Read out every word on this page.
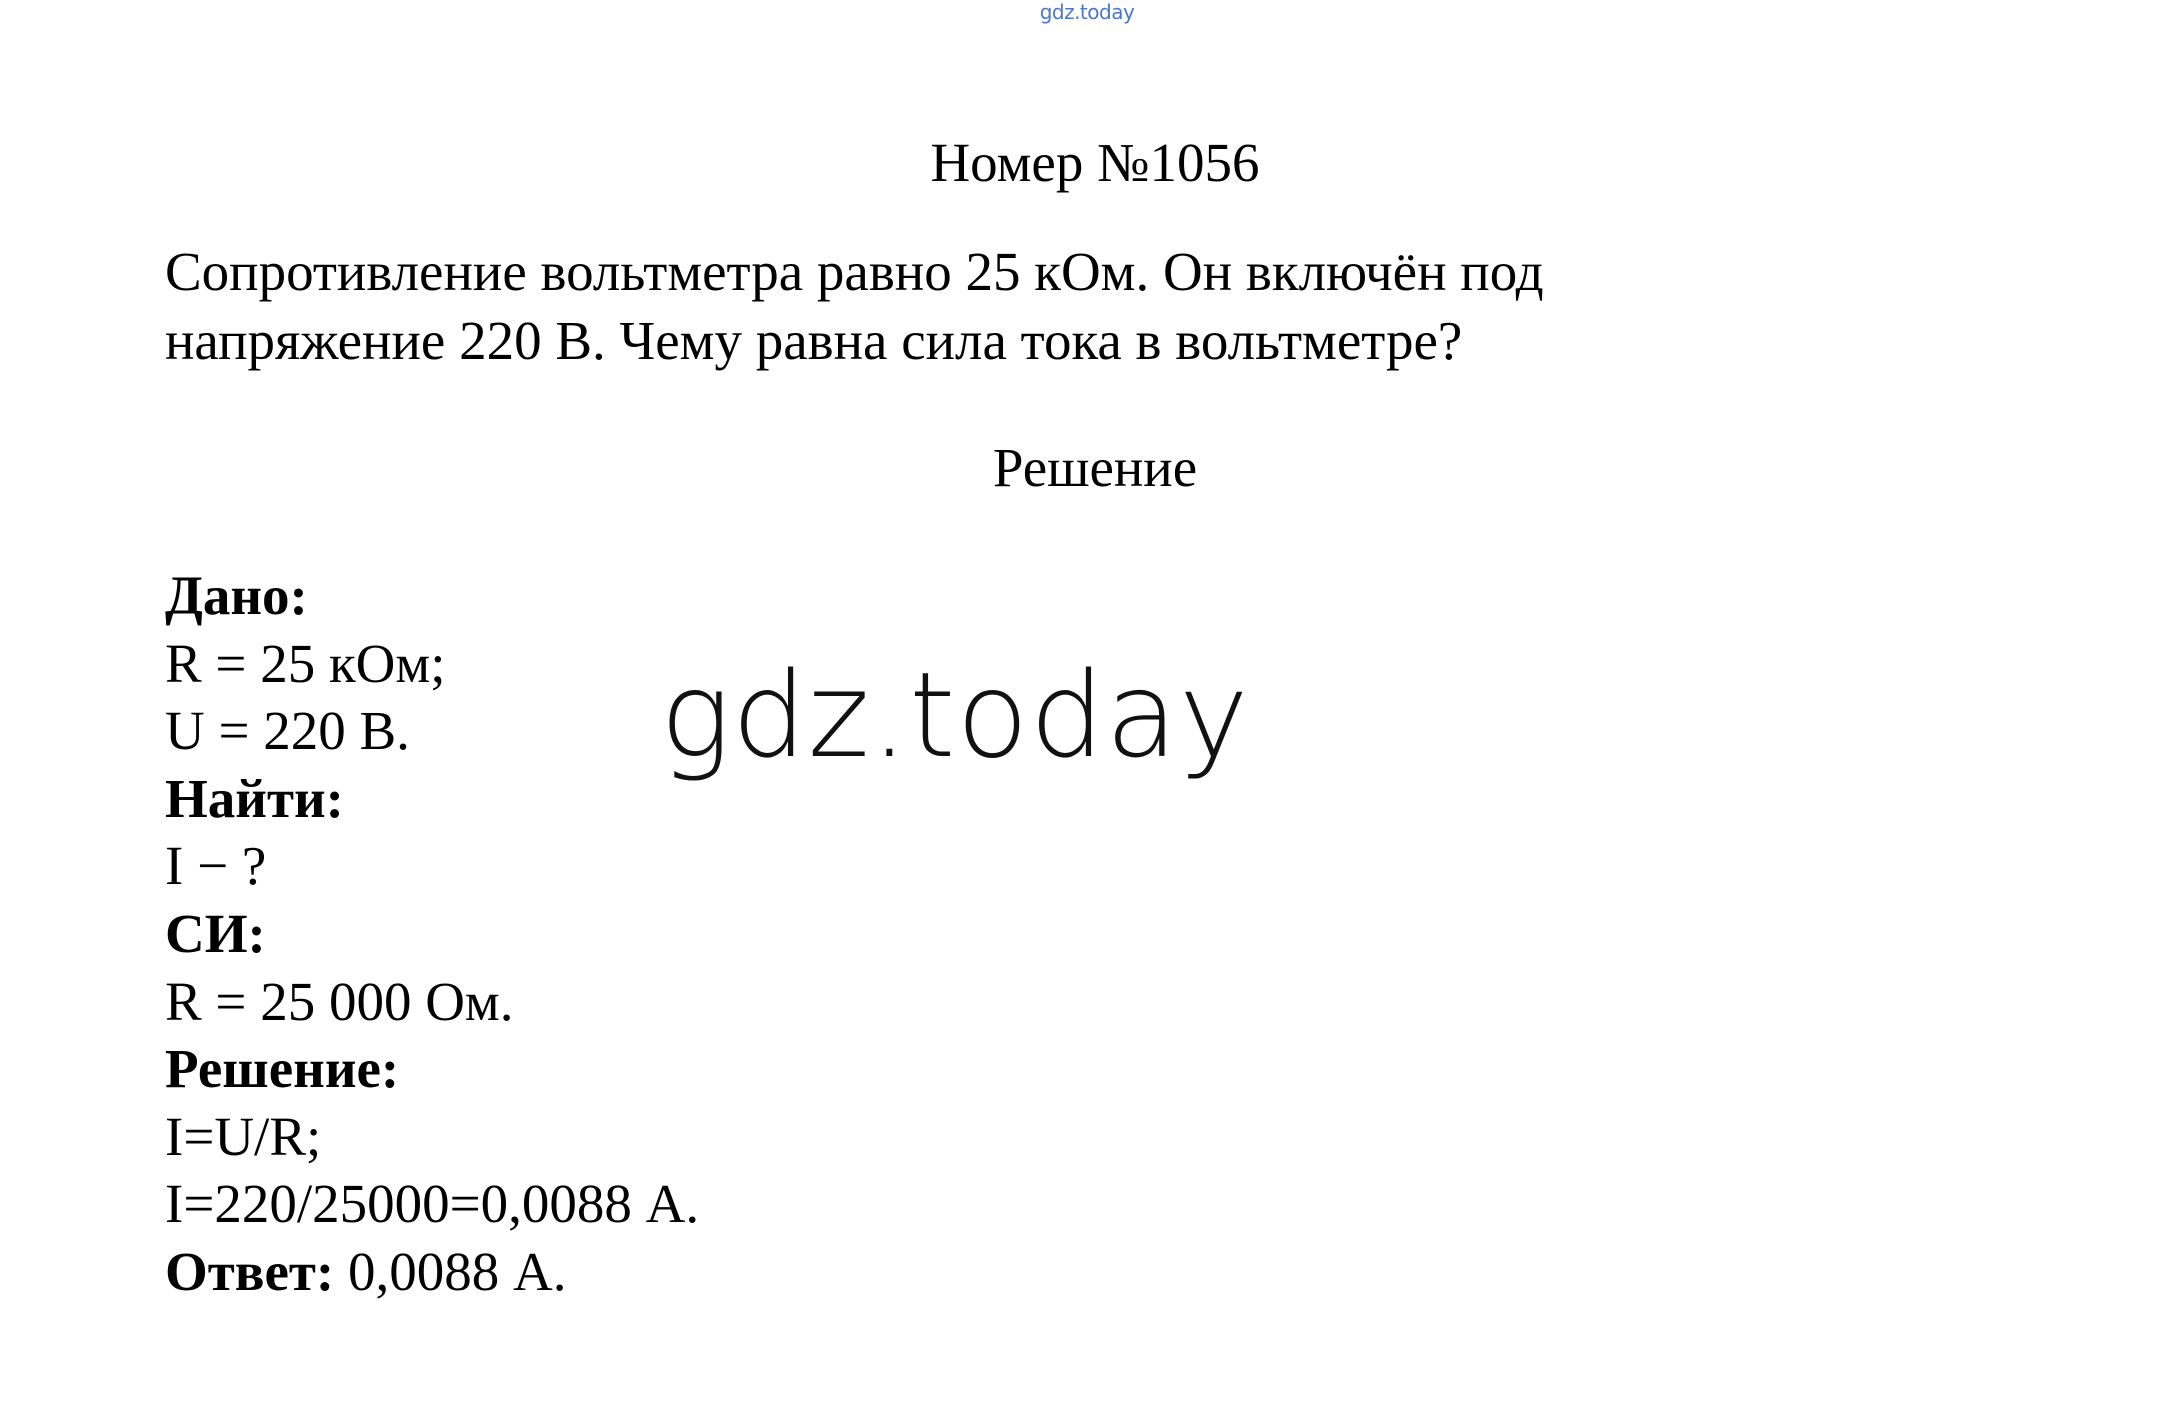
gdz.today
Номер №1056
Сопротивление вольтметра равно 25 кОм. Он включён под
напряжение 220 В. Чему равна сила тока в вольтметре?
Решение
Дано:
R = 25 кОм;
U = 220 В.
Найти:
I − ?
СИ:
R = 25 000 Ом.
Решение:
I=U/R;
I=220/25000=0,0088 А.
Ответ: 0,0088 А.
gdz.today
